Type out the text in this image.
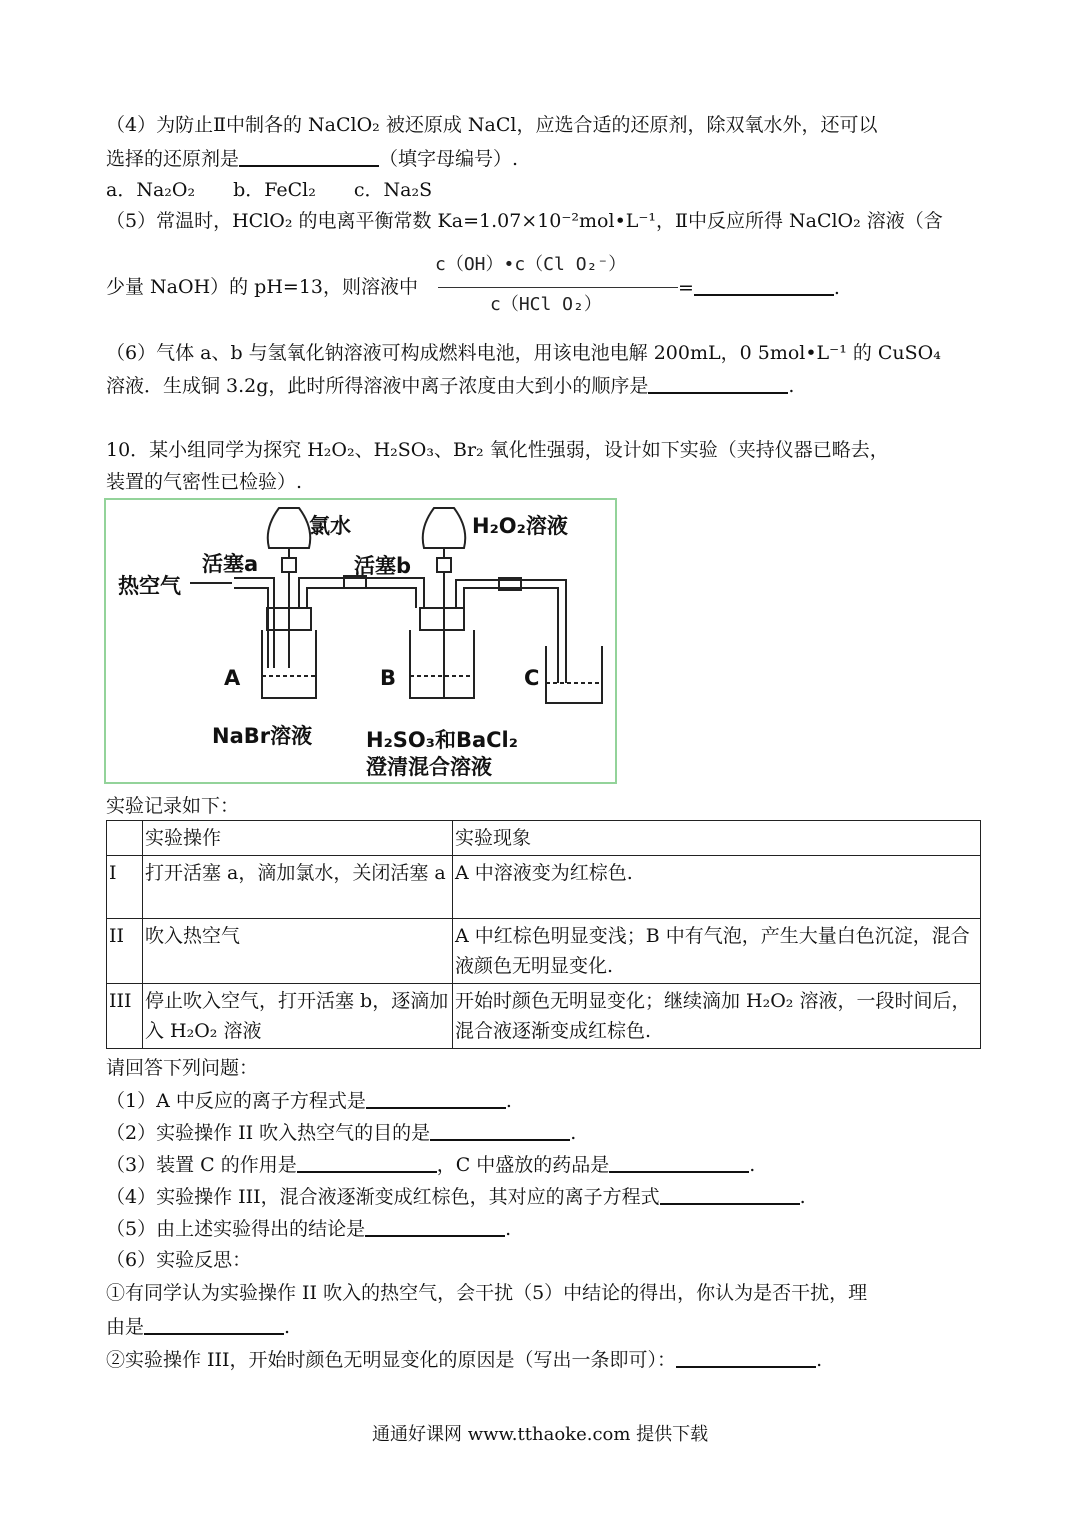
（4）为防止Ⅱ中制各的 NaClO₂ 被还原成 NaCl，应选合适的还原剂，除双氧水外，还可以
选择的还原剂是	（填字母编号）.
a．Na₂O₂　　b．FeCl₂　　c．Na₂S
（5）常温时，HClO₂ 的电离平衡常数 Ka=1.07×10⁻²mol•L⁻¹，Ⅱ中反应所得 NaClO₂ 溶液（含
c（OH）•c（Cl O₂⁻）
c（HCl O₂）
少量 NaOH）的 pH=13，则溶液中	=	.
（6）气体 a、b 与氢氧化钠溶液可构成燃料电池，用该电池电解 200mL，0 5mol•L⁻¹ 的 CuSO₄
溶液．生成铜 3.2g，此时所得溶液中离子浓度由大到小的顺序是	.
10．某小组同学为探究 H₂O₂、H₂SO₃、Br₂ 氧化性强弱，设计如下实验（夹持仪器已略去，
装置的气密性已检验）.
氯水	H₂O₂溶液
活塞a	活塞b
热空气
A	B	C
NaBr溶液	H₂SO₃和BaCl₂
澄清混合溶液
实验记录如下：
	实验操作	实验现象
I	打开活塞 a，滴加氯水，关闭活塞 a	A 中溶液变为红棕色.
II	吹入热空气	A 中红棕色明显变浅；B 中有气泡，产生大量白色沉淀，混合液颜色无明显变化.
III	停止吹入空气，打开活塞 b，逐滴加入 H₂O₂ 溶液	开始时颜色无明显变化；继续滴加 H₂O₂ 溶液，一段时间后，混合液逐渐变成红棕色.
请回答下列问题：
（1）A 中反应的离子方程式是	.
（2）实验操作 II 吹入热空气的目的是	.
（3）装置 C 的作用是	，C 中盛放的药品是	.
（4）实验操作 III，混合液逐渐变成红棕色，其对应的离子方程式	.
（5）由上述实验得出的结论是	.
（6）实验反思：
①有同学认为实验操作 II 吹入的热空气，会干扰（5）中结论的得出，你认为是否干扰，理
由是	.
②实验操作 III，开始时颜色无明显变化的原因是（写出一条即可）：	.
通通好课网 www.tthaoke.com 提供下载
